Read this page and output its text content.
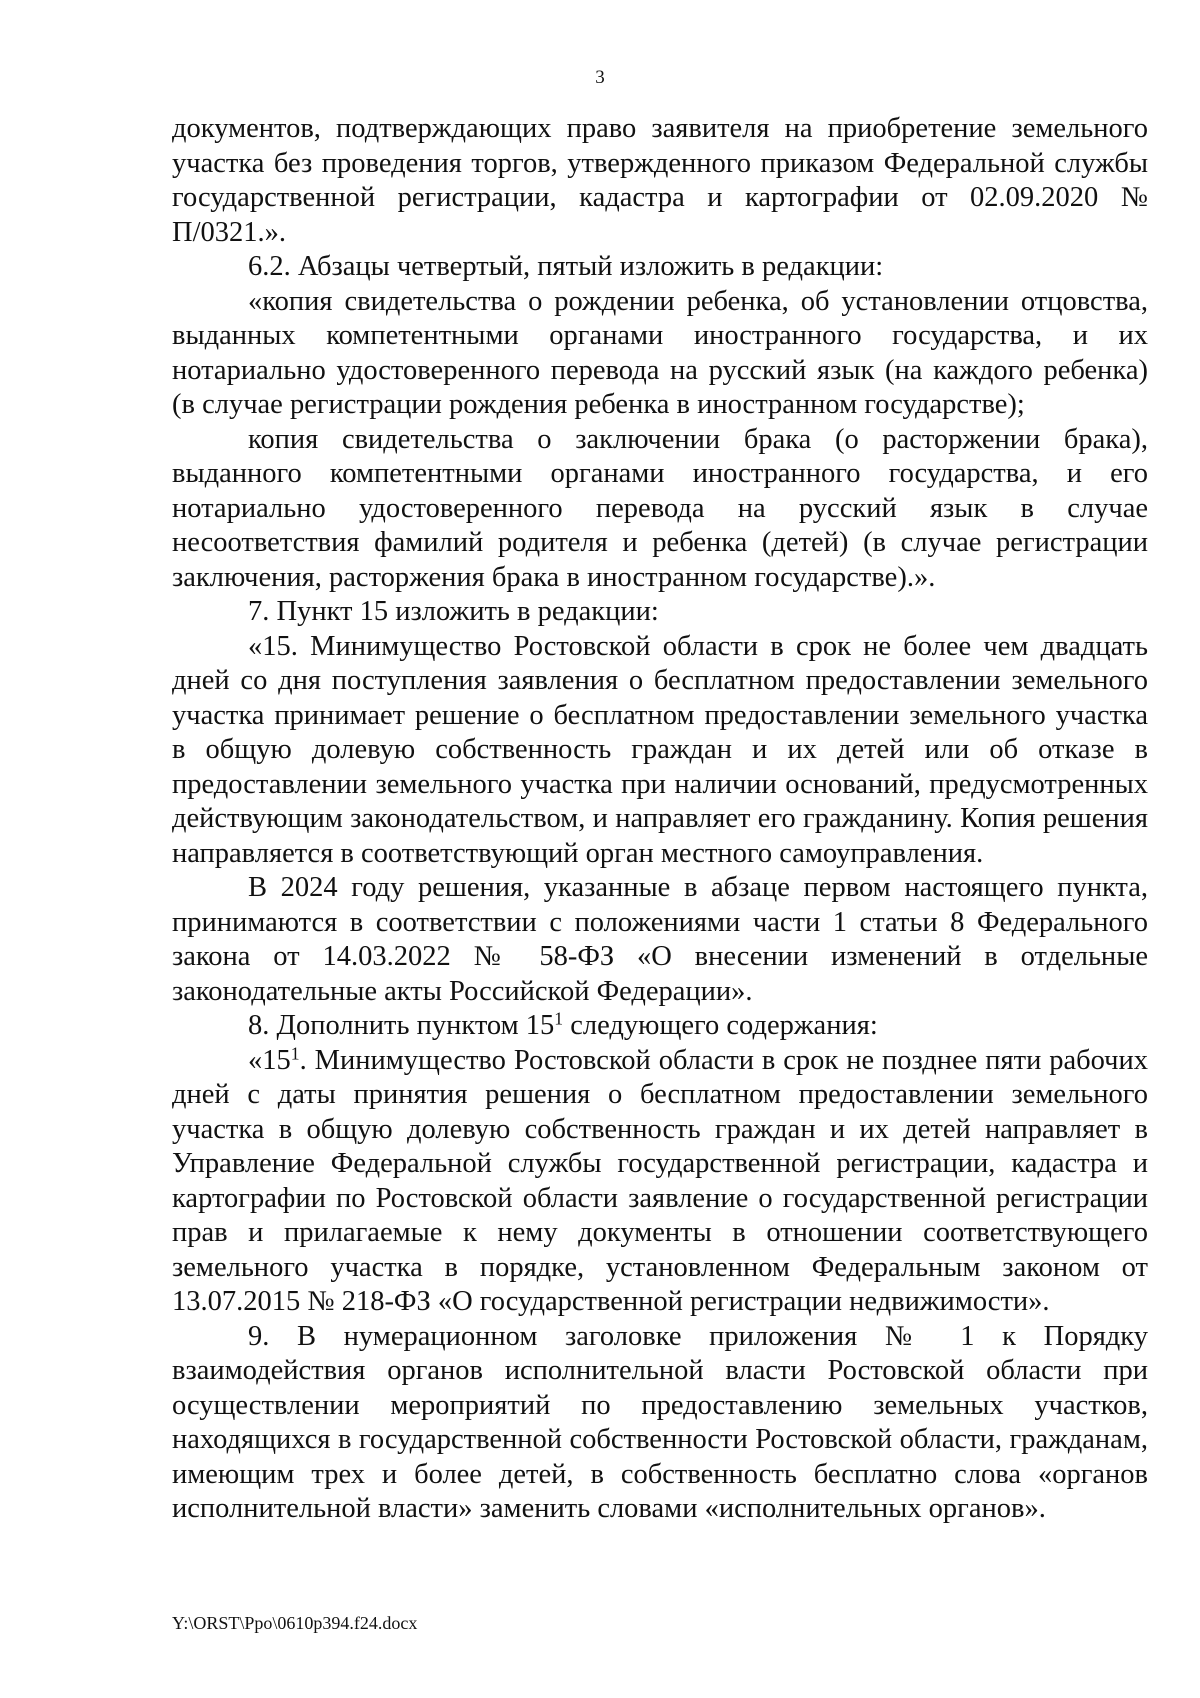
3

документов, подтверждающих право заявителя на приобретение земельного участка без проведения торгов, утвержденного приказом Федеральной службы государственной регистрации, кадастра и картографии от 02.09.2020 № П/0321.».

6.2. Абзацы четвертый, пятый изложить в редакции:

«копия свидетельства о рождении ребенка, об установлении отцовства, выданных компетентными органами иностранного государства, и их нотариально удостоверенного перевода на русский язык (на каждого ребенка) (в случае регистрации рождения ребенка в иностранном государстве);

копия свидетельства о заключении брака (о расторжении брака), выданного компетентными органами иностранного государства, и его нотариально удостоверенного перевода на русский язык в случае несоответствия фамилий родителя и ребенка (детей) (в случае регистрации заключения, расторжения брака в иностранном государстве).».

7. Пункт 15 изложить в редакции:

«15. Минимущество Ростовской области в срок не более чем двадцать дней со дня поступления заявления о бесплатном предоставлении земельного участка принимает решение о бесплатном предоставлении земельного участка в общую долевую собственность граждан и их детей или об отказе в предоставлении земельного участка при наличии оснований, предусмотренных действующим законодательством, и направляет его гражданину. Копия решения направляется в соответствующий орган местного самоуправления.

В 2024 году решения, указанные в абзаце первом настоящего пункта, принимаются в соответствии с положениями части 1 статьи 8 Федерального закона от 14.03.2022 № 58-ФЗ «О внесении изменений в отдельные законодательные акты Российской Федерации».

8. Дополнить пунктом $15^1$ следующего содержания:

«$15^1$. Минимущество Ростовской области в срок не позднее пяти рабочих дней с даты принятия решения о бесплатном предоставлении земельного участка в общую долевую собственность граждан и их детей направляет в Управление Федеральной службы государственной регистрации, кадастра и картографии по Ростовской области заявление о государственной регистрации прав и прилагаемые к нему документы в отношении соответствующего земельного участка в порядке, установленном Федеральным законом от 13.07.2015 № 218-ФЗ «О государственной регистрации недвижимости».

9. В нумерационном заголовке приложения № 1 к Порядку взаимодействия органов исполнительной власти Ростовской области при осуществлении мероприятий по предоставлению земельных участков, находящихся в государственной собственности Ростовской области, гражданам, имеющим трех и более детей, в собственность бесплатно слова «органов исполнительной власти» заменить словами «исполнительных органов».

Y:\ORST\Ppo\0610p394.f24.docx
